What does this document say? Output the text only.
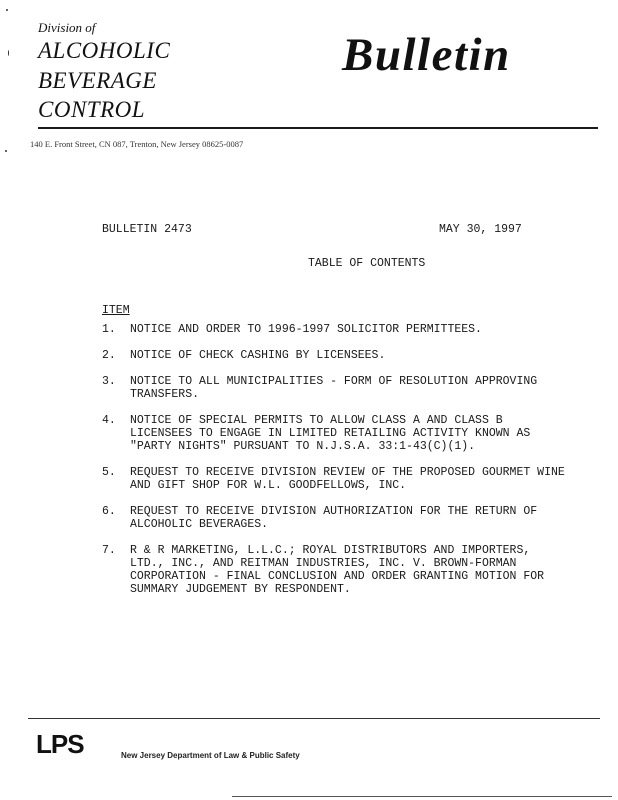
Division of
ALCOHOLIC
BEVERAGE
CONTROL
Bulletin
140 E. Front Street, CN 087, Trenton, New Jersey 08625-0087
BULLETIN 2473	MAY 30, 1997
TABLE OF CONTENTS
ITEM
1.	NOTICE AND ORDER TO 1996-1997 SOLICITOR PERMITTEES.
2.	NOTICE OF CHECK CASHING BY LICENSEES.
3.	NOTICE TO ALL MUNICIPALITIES - FORM OF RESOLUTION APPROVING
TRANSFERS.
4.	NOTICE OF SPECIAL PERMITS TO ALLOW CLASS A AND CLASS B
LICENSEES TO ENGAGE IN LIMITED RETAILING ACTIVITY KNOWN AS
"PARTY NIGHTS" PURSUANT TO N.J.S.A. 33:1-43(C)(1).
5.	REQUEST TO RECEIVE DIVISION REVIEW OF THE PROPOSED GOURMET WINE
AND GIFT SHOP FOR W.L. GOODFELLOWS, INC.
6.	REQUEST TO RECEIVE DIVISION AUTHORIZATION FOR THE RETURN OF
ALCOHOLIC BEVERAGES.
7.	R & R MARKETING, L.L.C.; ROYAL DISTRIBUTORS AND IMPORTERS,
LTD., INC., AND REITMAN INDUSTRIES, INC. V. BROWN-FORMAN
CORPORATION - FINAL CONCLUSION AND ORDER GRANTING MOTION FOR
SUMMARY JUDGEMENT BY RESPONDENT.
LPS	New Jersey Department of Law & Public Safety
